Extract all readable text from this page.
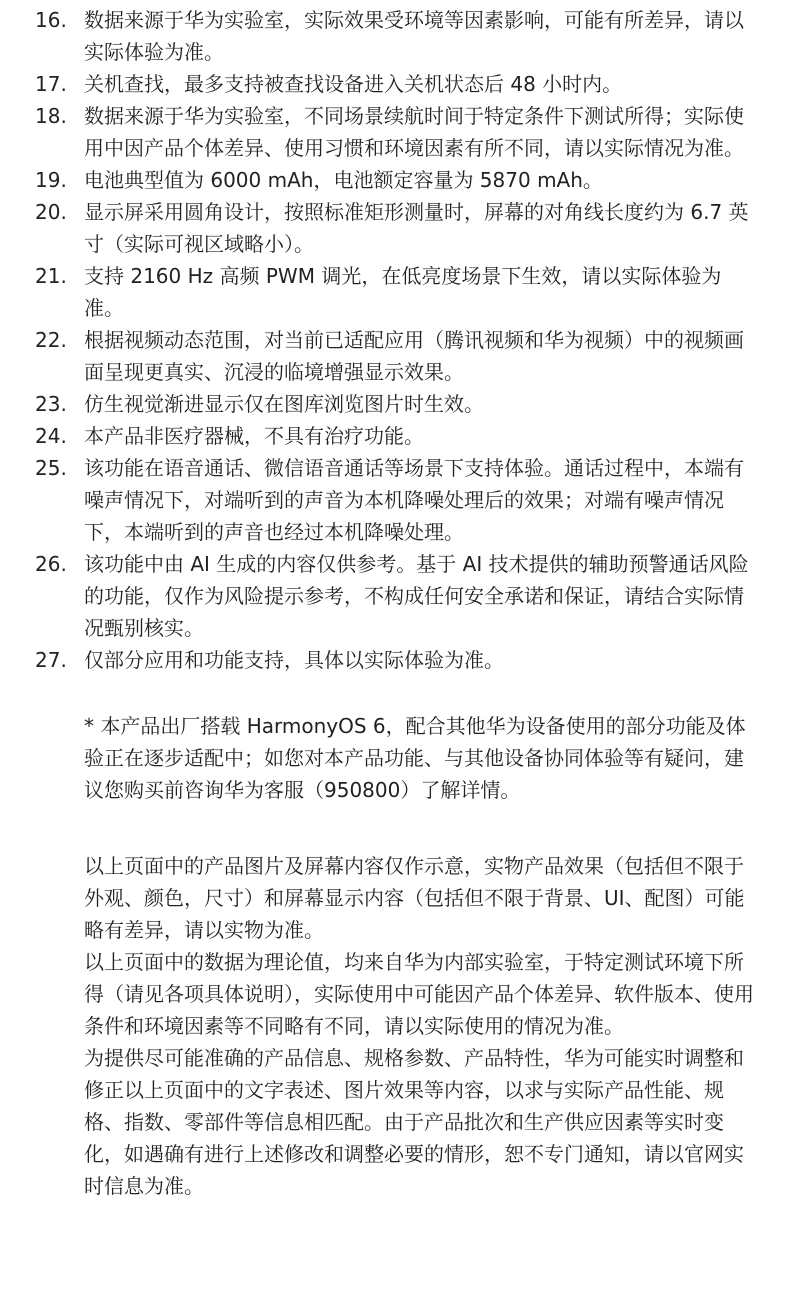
16. 数据来源于华为实验室，实际效果受环境等因素影响，可能有所差异，请以实际体验为准。
17. 关机查找，最多支持被查找设备进入关机状态后 48 小时内。
18. 数据来源于华为实验室，不同场景续航时间于特定条件下测试所得；实际使用中因产品个体差异、使用习惯和环境因素有所不同，请以实际情况为准。
19. 电池典型值为 6000 mAh，电池额定容量为 5870 mAh。
20. 显示屏采用圆角设计，按照标准矩形测量时，屏幕的对角线长度约为 6.7 英寸（实际可视区域略小）。
21. 支持 2160 Hz 高频 PWM 调光，在低亮度场景下生效，请以实际体验为准。
22. 根据视频动态范围，对当前已适配应用（腾讯视频和华为视频）中的视频画面呈现更真实、沉浸的临境增强显示效果。
23. 仿生视觉渐进显示仅在图库浏览图片时生效。
24. 本产品非医疗器械，不具有治疗功能。
25. 该功能在语音通话、微信语音通话等场景下支持体验。通话过程中，本端有噪声情况下，对端听到的声音为本机降噪处理后的效果；对端有噪声情况下，本端听到的声音也经过本机降噪处理。
26. 该功能中由 AI 生成的内容仅供参考。基于 AI 技术提供的辅助预警通话风险的功能，仅作为风险提示参考，不构成任何安全承诺和保证，请结合实际情况甄别核实。
27. 仅部分应用和功能支持，具体以实际体验为准。

* 本产品出厂搭载 HarmonyOS 6，配合其他华为设备使用的部分功能及体验正在逐步适配中；如您对本产品功能、与其他设备协同体验等有疑问，建议您购买前咨询华为客服（950800）了解详情。

以上页面中的产品图片及屏幕内容仅作示意，实物产品效果（包括但不限于外观、颜色，尺寸）和屏幕显示内容（包括但不限于背景、UI、配图）可能略有差异，请以实物为准。

以上页面中的数据为理论值，均来自华为内部实验室，于特定测试环境下所得（请见各项具体说明），实际使用中可能因产品个体差异、软件版本、使用条件和环境因素等不同略有不同，请以实际使用的情况为准。

为提供尽可能准确的产品信息、规格参数、产品特性，华为可能实时调整和修正以上页面中的文字表述、图片效果等内容，以求与实际产品性能、规格、指数、零部件等信息相匹配。由于产品批次和生产供应因素等实时变化，如遇确有进行上述修改和调整必要的情形，恕不专门通知，请以官网实时信息为准。
